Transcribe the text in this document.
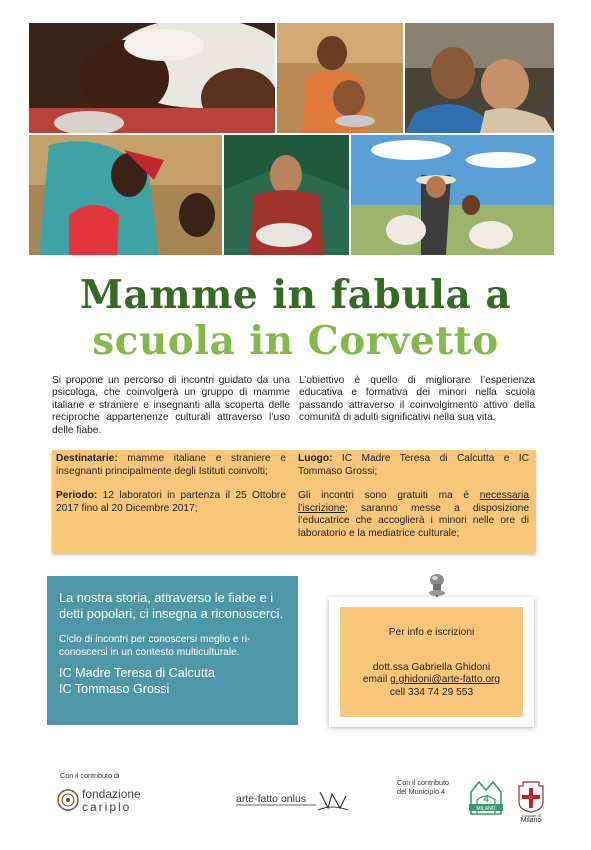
Mamme in fabula a
scuola in Corvetto
Si propone un percorso di incontri guidato da una psicologa, che coinvolgerà un gruppo di mamme italiane e straniere e insegnanti alla scoperta delle reciproche appartenenze culturali attraverso l’uso delle fiabe.
L’obiettivo è quello di migliorare l’esperienza educativa e formativa dei minori nella scuola passando attraverso il coinvolgimento attivo della comunità di adulti significativi nella sua vita.
Destinatarie: mamme italiane e straniere e insegnanti principalmente degli Istituti coinvolti;
Periodo: 12 laboratori in partenza il 25 Ottobre 2017 fino al 20 Dicembre 2017;
Luogo: IC Madre Teresa di Calcutta e IC Tommaso Grossi;
Gli incontri sono gratuiti ma è necessaria l’iscrizione; saranno messe a disposizione l’educatrice che accoglierà i minori nelle ore di laboratorio e la mediatrice culturale;
La nostra storia, attraverso le fiabe e i detti popolari, ci insegna a riconoscerci.
Ciclo di incontri per conoscersi meglio e ri-conoscersi in un contesto multiculturale.
IC Madre Teresa di Calcutta
IC Tommaso Grossi
Per info e iscrizioni
dott.ssa Gabriella Ghidoni
email g.ghidoni@arte-fatto.org
cell 334 74 29 553
Con il contributo di
fondazione
cariplo
arte-fatto onlus
Con il contributo
del Municipio 4
MILANO
4
Comune di
Milano
